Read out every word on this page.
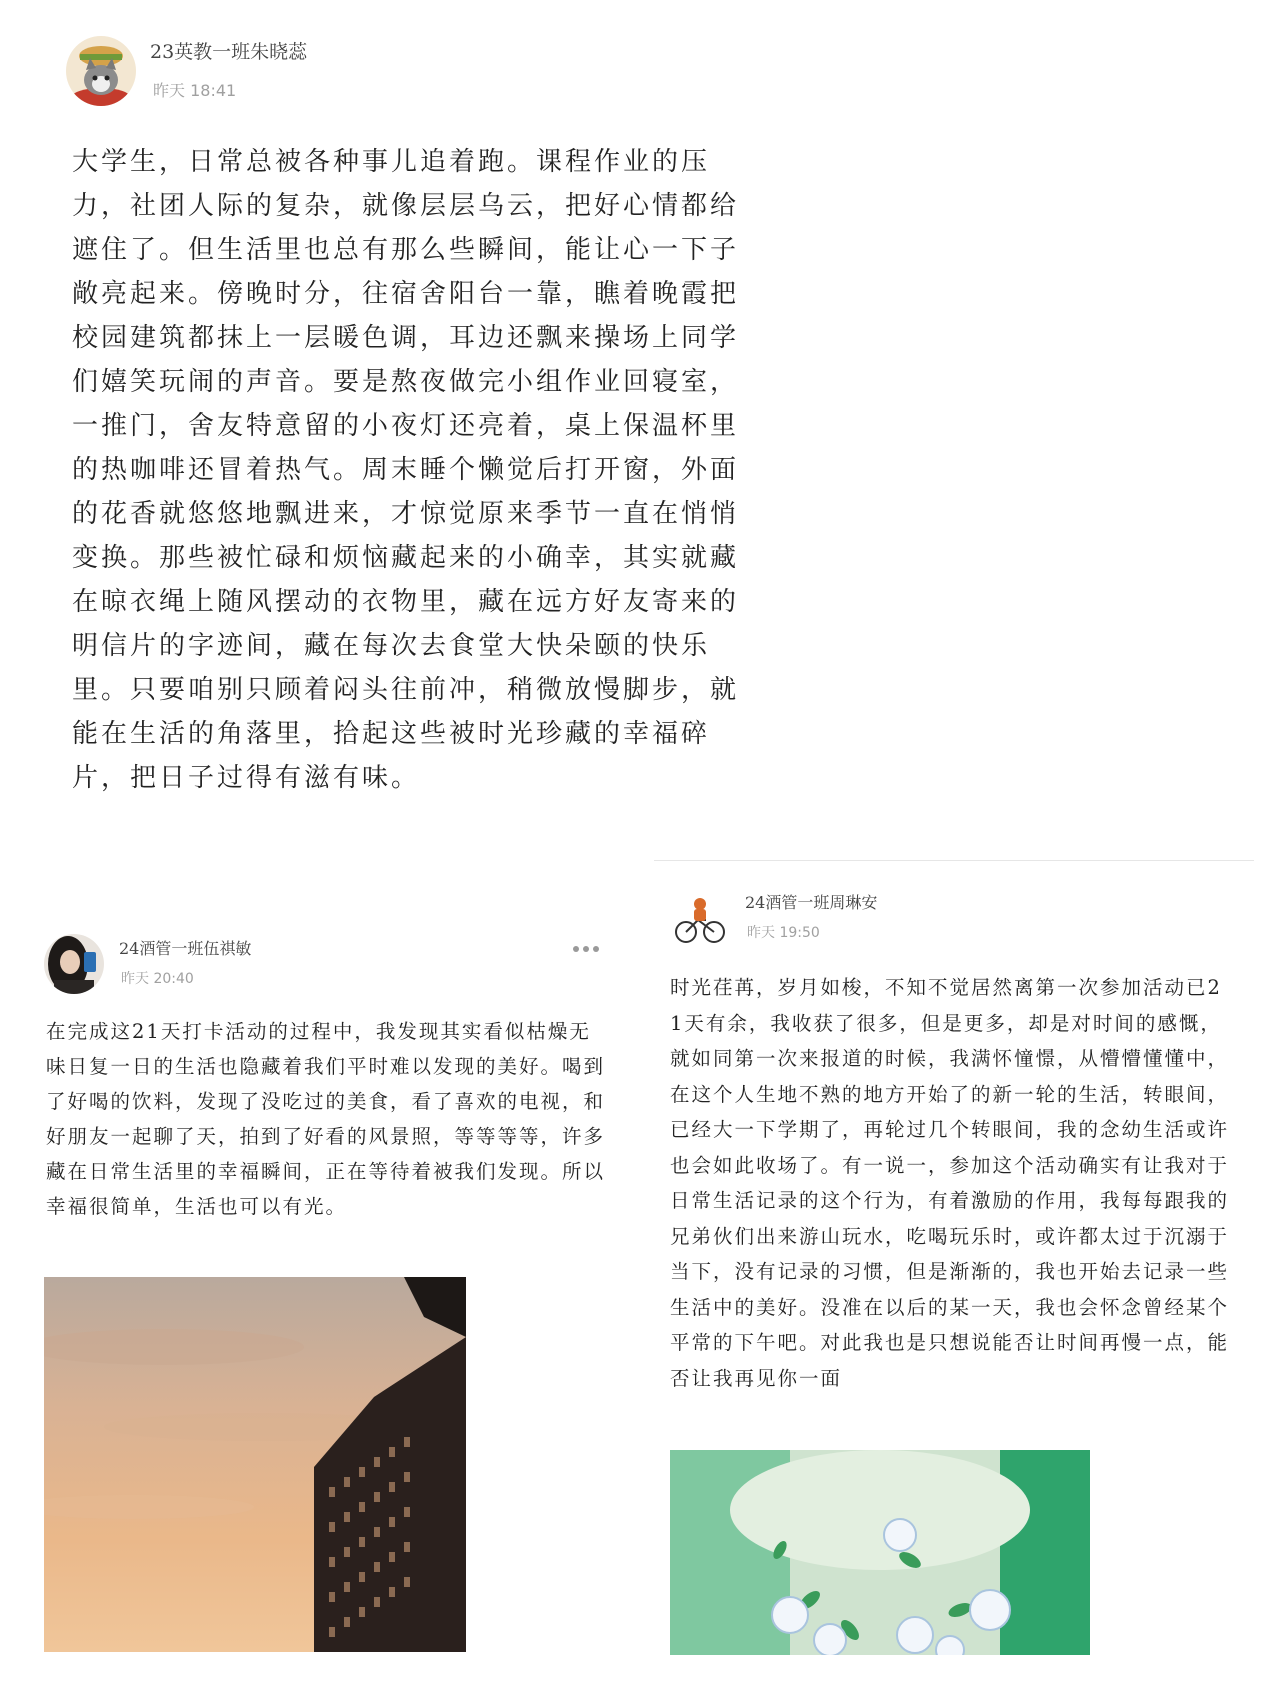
23英教一班朱晓蕊
昨天 18:41

大学生，日常总被各种事儿追着跑。课程作业的压力，社团人际的复杂，就像层层乌云，把好心情都给遮住了。但生活里也总有那么些瞬间，能让心一下子敞亮起来。傍晚时分，往宿舍阳台一靠，瞧着晚霞把校园建筑都抹上一层暖色调，耳边还飘来操场上同学们嬉笑玩闹的声音。要是熬夜做完小组作业回寝室，一推门，舍友特意留的小夜灯还亮着，桌上保温杯里的热咖啡还冒着热气。周末睡个懒觉后打开窗，外面的花香就悠悠地飘进来，才惊觉原来季节一直在悄悄变换。那些被忙碌和烦恼藏起来的小确幸，其实就藏在晾衣绳上随风摆动的衣物里，藏在远方好友寄来的明信片的字迹间，藏在每次去食堂大快朵颐的快乐里。只要咱别只顾着闷头往前冲，稍微放慢脚步，就能在生活的角落里，拾起这些被时光珍藏的幸福碎片，把日子过得有滋有味。

24酒管一班伍祺敏
昨天 20:40

在完成这21天打卡活动的过程中，我发现其实看似枯燥无味日复一日的生活也隐藏着我们平时难以发现的美好。喝到了好喝的饮料，发现了没吃过的美食，看了喜欢的电视，和好朋友一起聊了天，拍到了好看的风景照，等等等等，许多藏在日常生活里的幸福瞬间，正在等待着被我们发现。所以幸福很简单，生活也可以有光。

24酒管一班周琳安
昨天 19:50

时光荏苒，岁月如梭，不知不觉居然离第一次参加活动已21天有余，我收获了很多，但是更多，却是对时间的感慨，就如同第一次来报道的时候，我满怀憧憬，从懵懵懂懂中，在这个人生地不熟的地方开始了的新一轮的生活，转眼间，已经大一下学期了，再轮过几个转眼间，我的念幼生活或许也会如此收场了。有一说一，参加这个活动确实有让我对于日常生活记录的这个行为，有着激励的作用，我每每跟我的兄弟伙们出来游山玩水，吃喝玩乐时，或许都太过于沉溺于当下，没有记录的习惯，但是渐渐的，我也开始去记录一些生活中的美好。没准在以后的某一天，我也会怀念曾经某个平常的下午吧。对此我也是只想说能否让时间再慢一点，能否让我再见你一面
